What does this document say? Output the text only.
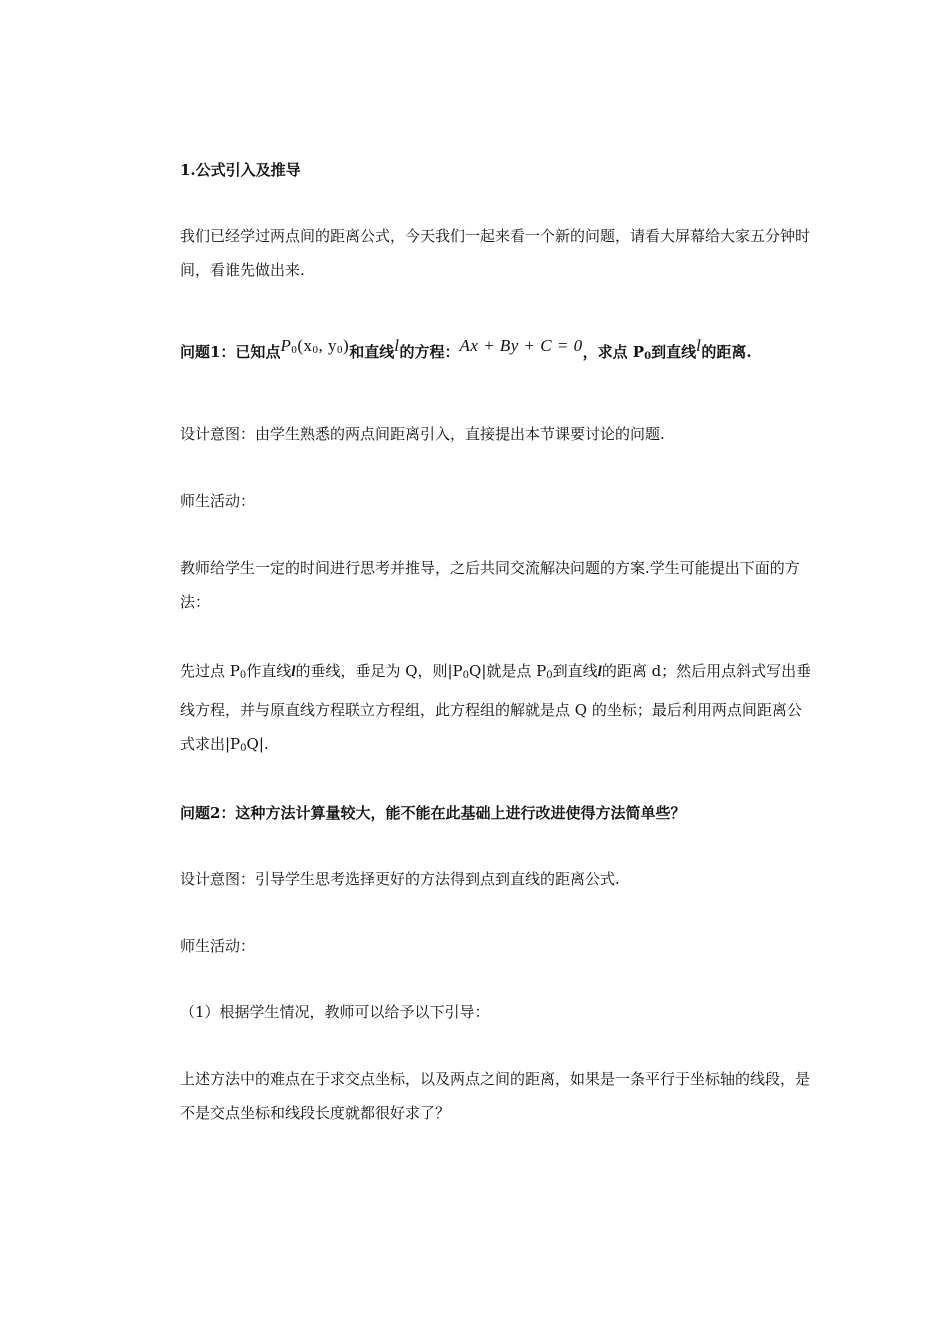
1.公式引入及推导
我们已经学过两点间的距离公式，今天我们一起来看一个新的问题，请看大屏幕给大家五分钟时间，看谁先做出来.
问题1：已知点$P_0(x_0$, $y_0$)和直线l的方程：Ax + By + C = 0，求点 $P_0$到直线l的距离.
设计意图：由学生熟悉的两点间距离引入，直接提出本节课要讨论的问题.
师生活动：
教师给学生一定的时间进行思考并推导，之后共同交流解决问题的方案.学生可能提出下面的方法：
先过点 $P_0$作直线l的垂线，垂足为 Q，则$|P_0Q|$就是点 $P_0$到直线l的距离 d；然后用点斜式写出垂线方程，并与原直线方程联立方程组，此方程组的解就是点 Q 的坐标；最后利用两点间距离公式求出$|P_0Q|$.
问题2：这种方法计算量较大，能不能在此基础上进行改进使得方法简单些？
设计意图：引导学生思考选择更好的方法得到点到直线的距离公式.
师生活动：
（1）根据学生情况，教师可以给予以下引导：
上述方法中的难点在于求交点坐标，以及两点之间的距离，如果是一条平行于坐标轴的线段，是不是交点坐标和线段长度就都很好求了？
